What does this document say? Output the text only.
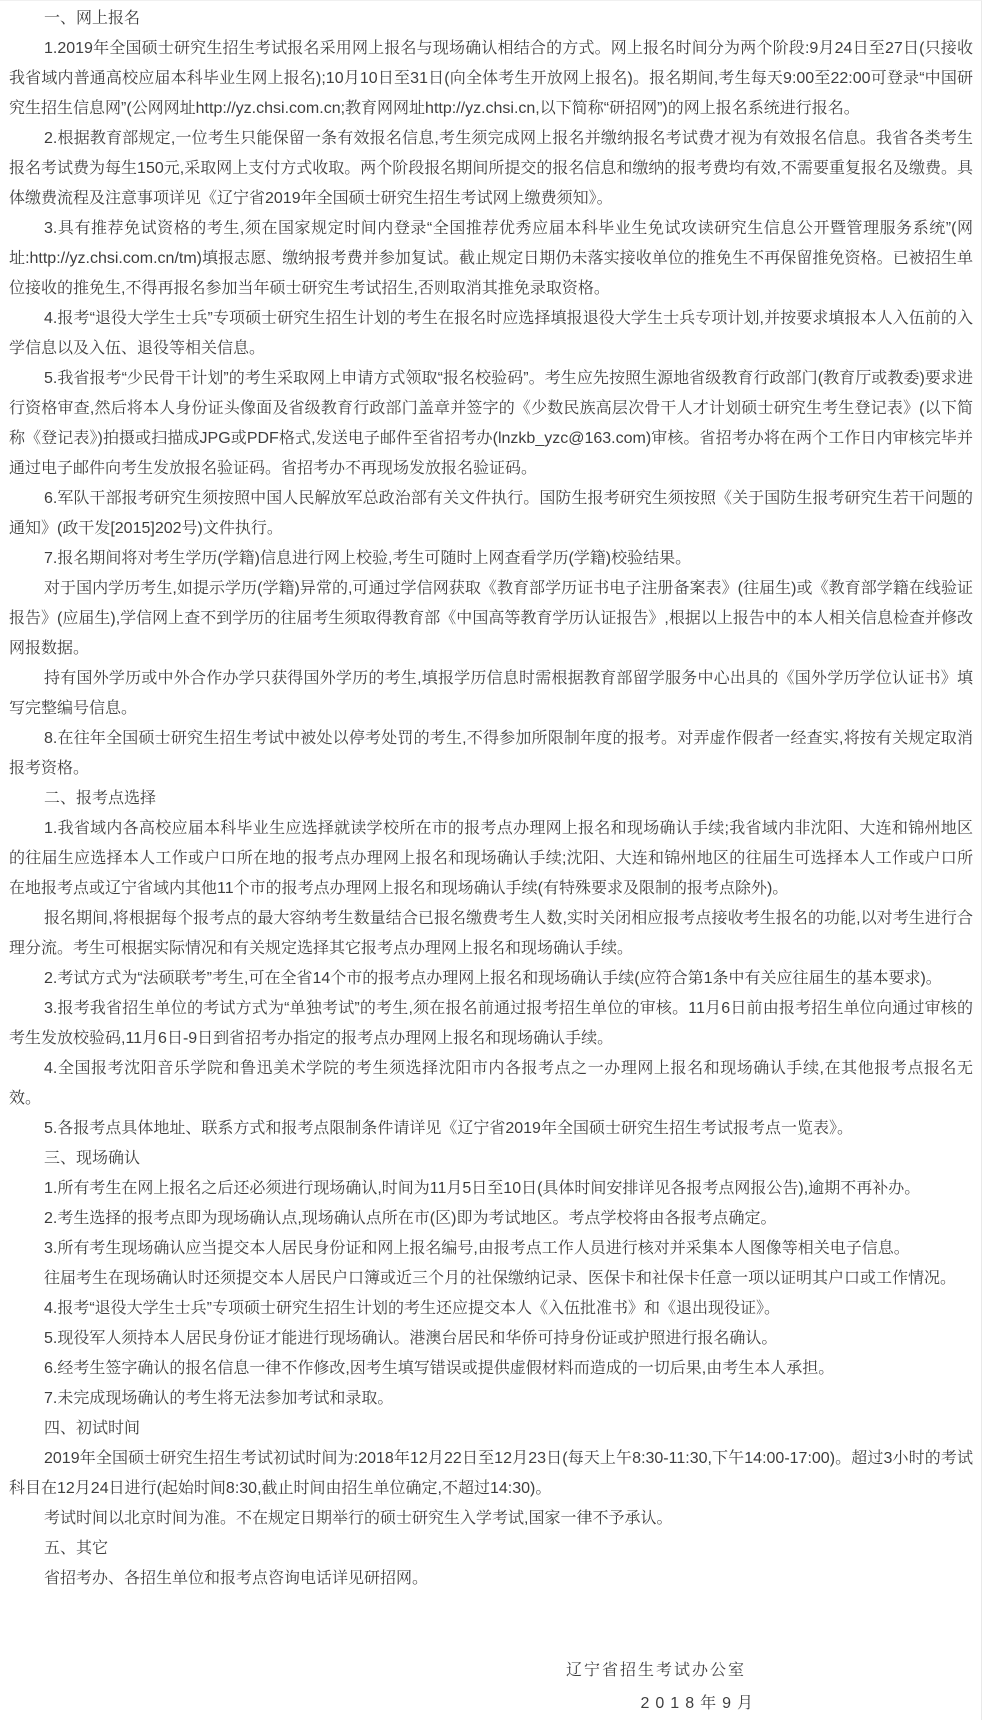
一、网上报名

1.2019年全国硕士研究生招生考试报名采用网上报名与现场确认相结合的方式。网上报名时间分为两个阶段:9月24日至27日(只接收我省域内普通高校应届本科毕业生网上报名);10月10日至31日(向全体考生开放网上报名)。报名期间,考生每天9:00至22:00可登录“中国研究生招生信息网”(公网网址http://yz.chsi.com.cn;教育网网址http://yz.chsi.cn,以下简称“研招网”)的网上报名系统进行报名。

2.根据教育部规定,一位考生只能保留一条有效报名信息,考生须完成网上报名并缴纳报名考试费才视为有效报名信息。我省各类考生报名考试费为每生150元,采取网上支付方式收取。两个阶段报名期间所提交的报名信息和缴纳的报考费均有效,不需要重复报名及缴费。具体缴费流程及注意事项详见《辽宁省2019年全国硕士研究生招生考试网上缴费须知》。

3.具有推荐免试资格的考生,须在国家规定时间内登录“全国推荐优秀应届本科毕业生免试攻读研究生信息公开暨管理服务系统”(网址:http://yz.chsi.com.cn/tm)填报志愿、缴纳报考费并参加复试。截止规定日期仍未落实接收单位的推免生不再保留推免资格。已被招生单位接收的推免生,不得再报名参加当年硕士研究生考试招生,否则取消其推免录取资格。

4.报考“退役大学生士兵”专项硕士研究生招生计划的考生在报名时应选择填报退役大学生士兵专项计划,并按要求填报本人入伍前的入学信息以及入伍、退役等相关信息。

5.我省报考“少民骨干计划”的考生采取网上申请方式领取“报名校验码”。考生应先按照生源地省级教育行政部门(教育厅或教委)要求进行资格审查,然后将本人身份证头像面及省级教育行政部门盖章并签字的《少数民族高层次骨干人才计划硕士研究生考生登记表》(以下简称《登记表》)拍摄或扫描成JPG或PDF格式,发送电子邮件至省招考办(lnzkb_yzc@163.com)审核。省招考办将在两个工作日内审核完毕并通过电子邮件向考生发放报名验证码。省招考办不再现场发放报名验证码。

6.军队干部报考研究生须按照中国人民解放军总政治部有关文件执行。国防生报考研究生须按照《关于国防生报考研究生若干问题的通知》(政干发[2015]202号)文件执行。

7.报名期间将对考生学历(学籍)信息进行网上校验,考生可随时上网查看学历(学籍)校验结果。

对于国内学历考生,如提示学历(学籍)异常的,可通过学信网获取《教育部学历证书电子注册备案表》(往届生)或《教育部学籍在线验证报告》(应届生),学信网上查不到学历的往届考生须取得教育部《中国高等教育学历认证报告》,根据以上报告中的本人相关信息检查并修改网报数据。

持有国外学历或中外合作办学只获得国外学历的考生,填报学历信息时需根据教育部留学服务中心出具的《国外学历学位认证书》填写完整编号信息。

8.在往年全国硕士研究生招生考试中被处以停考处罚的考生,不得参加所限制年度的报考。对弄虚作假者一经查实,将按有关规定取消报考资格。

二、报考点选择

1.我省域内各高校应届本科毕业生应选择就读学校所在市的报考点办理网上报名和现场确认手续;我省域内非沈阳、大连和锦州地区的往届生应选择本人工作或户口所在地的报考点办理网上报名和现场确认手续;沈阳、大连和锦州地区的往届生可选择本人工作或户口所在地报考点或辽宁省域内其他11个市的报考点办理网上报名和现场确认手续(有特殊要求及限制的报考点除外)。

报名期间,将根据每个报考点的最大容纳考生数量结合已报名缴费考生人数,实时关闭相应报考点接收考生报名的功能,以对考生进行合理分流。考生可根据实际情况和有关规定选择其它报考点办理网上报名和现场确认手续。

2.考试方式为“法硕联考”考生,可在全省14个市的报考点办理网上报名和现场确认手续(应符合第1条中有关应往届生的基本要求)。

3.报考我省招生单位的考试方式为“单独考试”的考生,须在报名前通过报考招生单位的审核。11月6日前由报考招生单位向通过审核的考生发放校验码,11月6日-9日到省招考办指定的报考点办理网上报名和现场确认手续。

4.全国报考沈阳音乐学院和鲁迅美术学院的考生须选择沈阳市内各报考点之一办理网上报名和现场确认手续,在其他报考点报名无效。

5.各报考点具体地址、联系方式和报考点限制条件请详见《辽宁省2019年全国硕士研究生招生考试报考点一览表》。

三、现场确认

1.所有考生在网上报名之后还必须进行现场确认,时间为11月5日至10日(具体时间安排详见各报考点网报公告),逾期不再补办。

2.考生选择的报考点即为现场确认点,现场确认点所在市(区)即为考试地区。考点学校将由各报考点确定。

3.所有考生现场确认应当提交本人居民身份证和网上报名编号,由报考点工作人员进行核对并采集本人图像等相关电子信息。

往届考生在现场确认时还须提交本人居民户口簿或近三个月的社保缴纳记录、医保卡和社保卡任意一项以证明其户口或工作情况。

4.报考“退役大学生士兵”专项硕士研究生招生计划的考生还应提交本人《入伍批准书》和《退出现役证》。

5.现役军人须持本人居民身份证才能进行现场确认。港澳台居民和华侨可持身份证或护照进行报名确认。

6.经考生签字确认的报名信息一律不作修改,因考生填写错误或提供虚假材料而造成的一切后果,由考生本人承担。

7.未完成现场确认的考生将无法参加考试和录取。

四、初试时间

2019年全国硕士研究生招生考试初试时间为:2018年12月22日至12月23日(每天上午8:30-11:30,下午14:00-17:00)。超过3小时的考试科目在12月24日进行(起始时间8:30,截止时间由招生单位确定,不超过14:30)。

考试时间以北京时间为准。不在规定日期举行的硕士研究生入学考试,国家一律不予承认。

五、其它

省招考办、各招生单位和报考点咨询电话详见研招网。

辽宁省招生考试办公室
2018年9月
